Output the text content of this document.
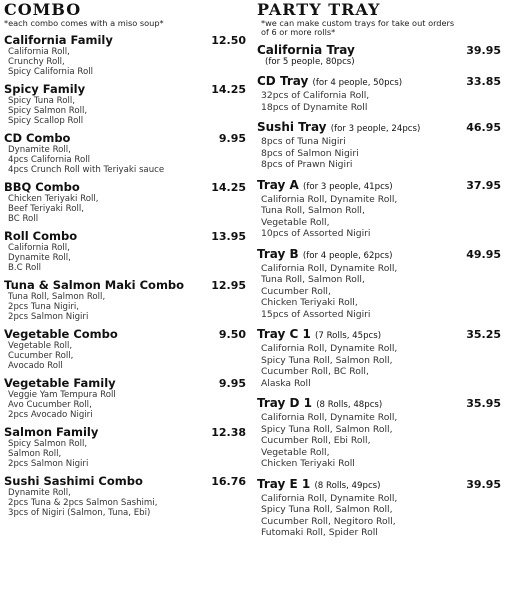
COMBO
*each combo comes with a miso soup*
California Family	12.50
California Roll,
Crunchy Roll,
Spicy California Roll
Spicy Family	14.25
Spicy Tuna Roll,
Spicy Salmon Roll,
Spicy Scallop Roll
CD Combo	9.95
Dynamite Roll,
4pcs California Roll
4pcs Crunch Roll with Teriyaki sauce
BBQ Combo	14.25
Chicken Teriyaki Roll,
Beef Teriyaki Roll,
BC Roll
Roll Combo	13.95
California Roll,
Dynamite Roll,
B.C Roll
Tuna & Salmon Maki Combo 12.95
Tuna Roll, Salmon Roll,
2pcs Tuna Nigiri,
2pcs Salmon Nigiri
Vegetable Combo	9.50
Vegetable Roll,
Cucumber Roll,
Avocado Roll
Vegetable Family	9.95
Veggie Yam Tempura Roll
Avo Cucumber Roll,
2pcs Avocado Nigiri
Salmon Family	12.38
Spicy Salmon Roll,
Salmon Roll,
2pcs Salmon Nigiri
Sushi Sashimi Combo	16.76
Dynamite Roll,
2pcs Tuna & 2pcs Salmon Sashimi,
3pcs of Nigiri (Salmon, Tuna, Ebi)
PARTY TRAY
*we can make custom trays for take out orders of 6 or more rolls*
California Tray	39.95
(for 5 people, 80pcs)
CD Tray (for 4 people, 50pcs)	33.85
32pcs of California Roll,
18pcs of Dynamite Roll
Sushi Tray (for 3 people, 24pcs)	46.95
8pcs of Tuna Nigiri
8pcs of Salmon Nigiri
8pcs of Prawn Nigiri
Tray A (for 3 people, 41pcs)	37.95
California Roll, Dynamite Roll,
Tuna Roll, Salmon Roll,
Vegetable Roll,
10pcs of Assorted Nigiri
Tray B (for 4 people, 62pcs)	49.95
California Roll, Dynamite Roll,
Tuna Roll, Salmon Roll,
Cucumber Roll,
Chicken Teriyaki Roll,
15pcs of Assorted Nigiri
Tray C 1 (7 Rolls, 45pcs)	35.25
California Roll, Dynamite Roll,
Spicy Tuna Roll, Salmon Roll,
Cucumber Roll, BC Roll,
Alaska Roll
Tray D 1 (8 Rolls, 48pcs)	35.95
California Roll, Dynamite Roll,
Spicy Tuna Roll, Salmon Roll,
Cucumber Roll, Ebi Roll,
Vegetable Roll,
Chicken Teriyaki Roll
Tray E 1 (8 Rolls, 49pcs)	39.95
California Roll, Dynamite Roll,
Spicy Tuna Roll, Salmon Roll,
Cucumber Roll, Negitoro Roll,
Futomaki Roll, Spider Roll
